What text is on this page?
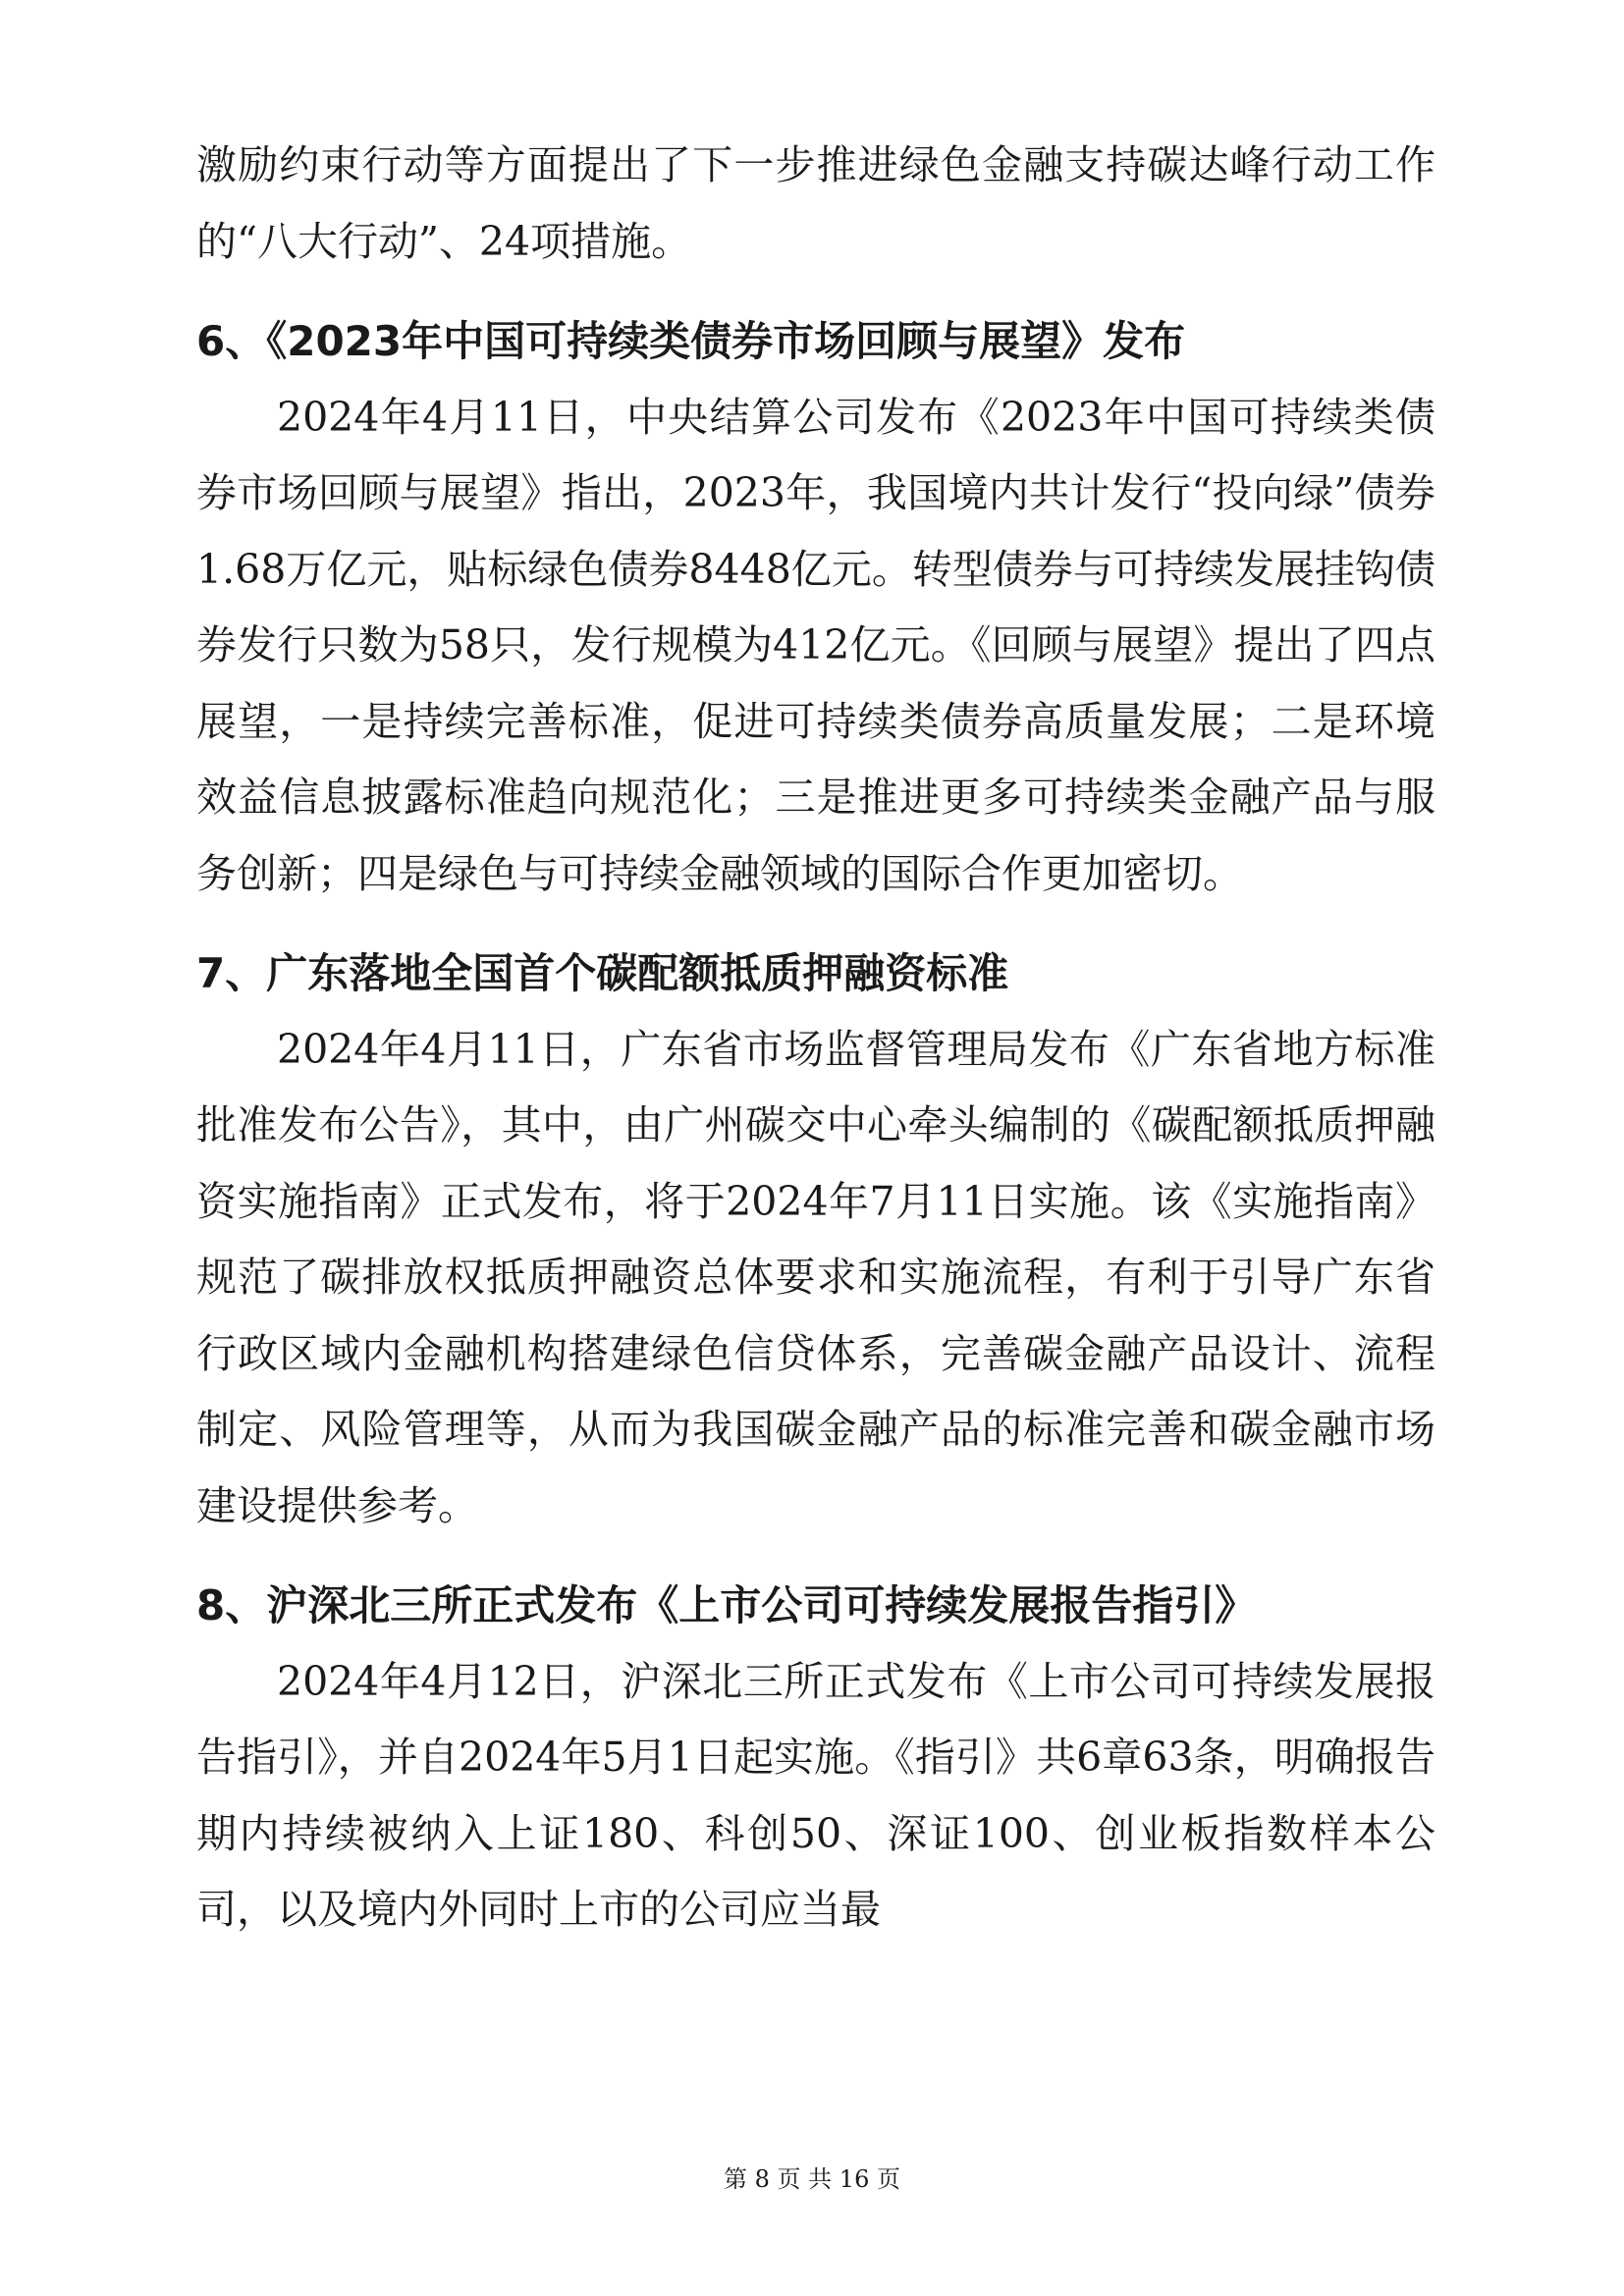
激励约束行动等方面提出了下一步推进绿色金融支持碳达峰行动工作的“八大行动”、24项措施。

6、《2023年中国可持续类债券市场回顾与展望》发布

2024年4月11日，中央结算公司发布《2023年中国可持续类债券市场回顾与展望》指出，2023年，我国境内共计发行“投向绿”债券1.68万亿元，贴标绿色债券8448亿元。转型债券与可持续发展挂钩债券发行只数为58只，发行规模为412亿元。《回顾与展望》提出了四点展望，一是持续完善标准，促进可持续类债券高质量发展；二是环境效益信息披露标准趋向规范化；三是推进更多可持续类金融产品与服务创新；四是绿色与可持续金融领域的国际合作更加密切。

7、广东落地全国首个碳配额抵质押融资标准

2024年4月11日，广东省市场监督管理局发布《广东省地方标准批准发布公告》，其中，由广州碳交中心牵头编制的《碳配额抵质押融资实施指南》正式发布，将于2024年7月11日实施。该《实施指南》规范了碳排放权抵质押融资总体要求和实施流程，有利于引导广东省行政区域内金融机构搭建绿色信贷体系，完善碳金融产品设计、流程制定、风险管理等，从而为我国碳金融产品的标准完善和碳金融市场建设提供参考。

8、沪深北三所正式发布《上市公司可持续发展报告指引》

2024年4月12日，沪深北三所正式发布《上市公司可持续发展报告指引》，并自2024年5月1日起实施。《指引》共6章63条，明确报告期内持续被纳入上证180、科创50、深证100、创业板指数样本公司，以及境内外同时上市的公司应当最

第 8 页 共 16 页
